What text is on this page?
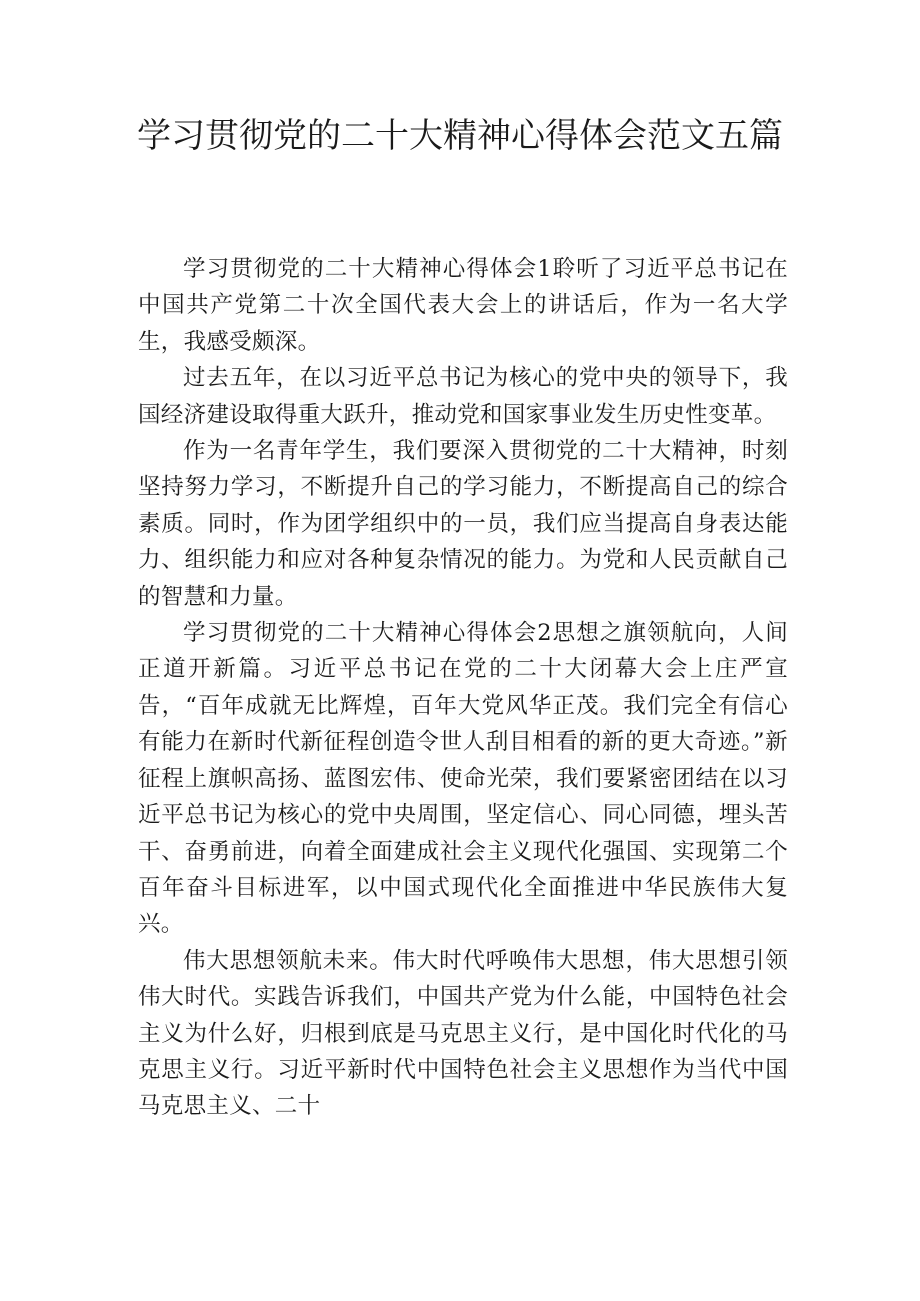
学习贯彻党的二十大精神心得体会范文五篇

学习贯彻党的二十大精神心得体会1聆听了习近平总书记在中国共产党第二十次全国代表大会上的讲话后，作为一名大学生，我感受颇深。

过去五年，在以习近平总书记为核心的党中央的领导下，我国经济建设取得重大跃升，推动党和国家事业发生历史性变革。

作为一名青年学生，我们要深入贯彻党的二十大精神，时刻坚持努力学习，不断提升自己的学习能力，不断提高自己的综合素质。同时，作为团学组织中的一员，我们应当提高自身表达能力、组织能力和应对各种复杂情况的能力。为党和人民贡献自己的智慧和力量。

学习贯彻党的二十大精神心得体会2思想之旗领航向，人间正道开新篇。习近平总书记在党的二十大闭幕大会上庄严宣告，“百年成就无比辉煌，百年大党风华正茂。我们完全有信心有能力在新时代新征程创造令世人刮目相看的新的更大奇迹。”新征程上旗帜高扬、蓝图宏伟、使命光荣，我们要紧密团结在以习近平总书记为核心的党中央周围，坚定信心、同心同德，埋头苦干、奋勇前进，向着全面建成社会主义现代化强国、实现第二个百年奋斗目标进军，以中国式现代化全面推进中华民族伟大复兴。

伟大思想领航未来。伟大时代呼唤伟大思想，伟大思想引领伟大时代。实践告诉我们，中国共产党为什么能，中国特色社会主义为什么好，归根到底是马克思主义行，是中国化时代化的马克思主义行。习近平新时代中国特色社会主义思想作为当代中国马克思主义、二十
